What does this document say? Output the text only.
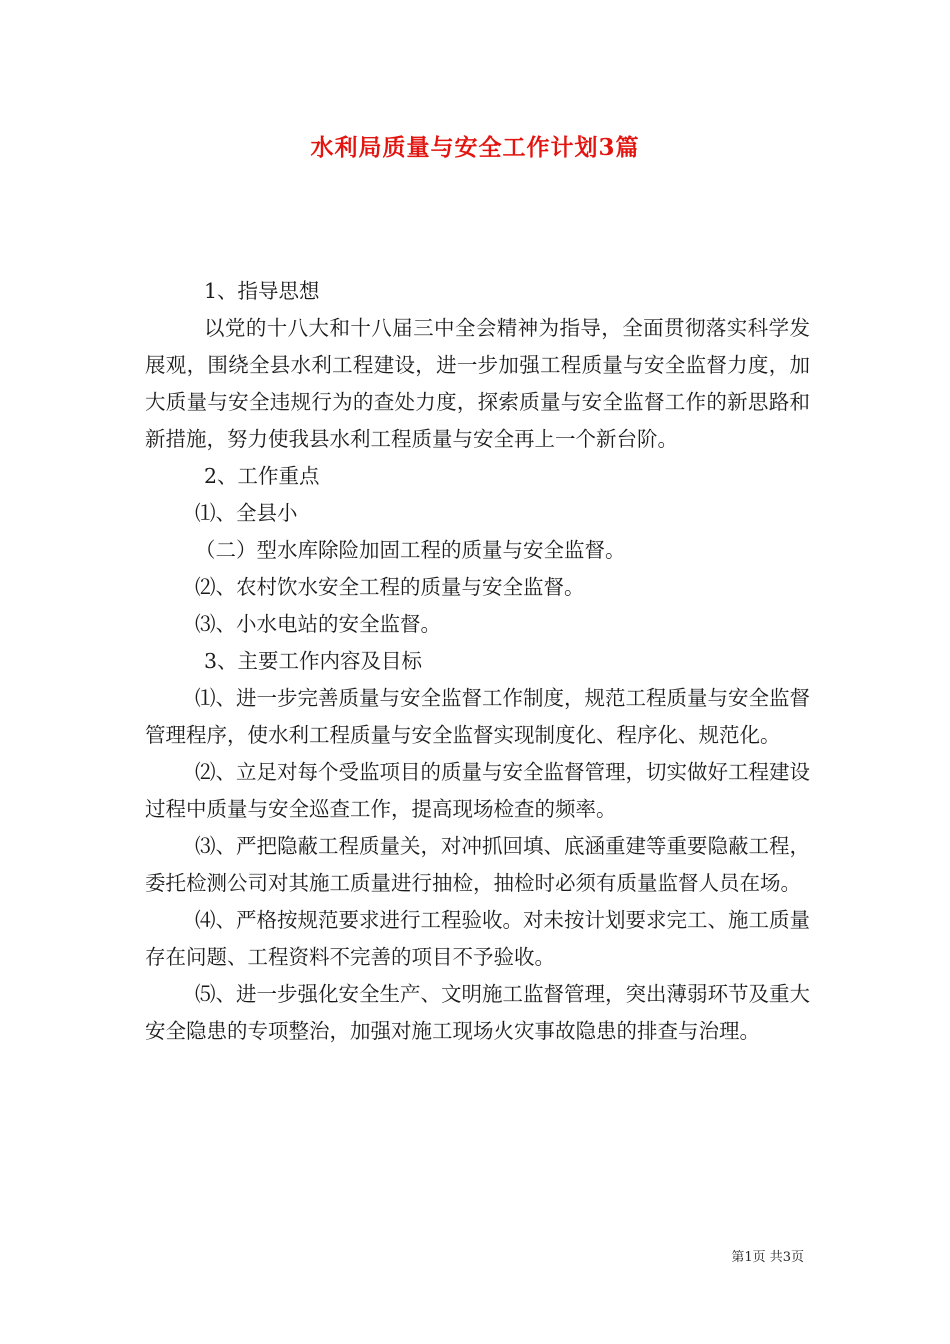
水利局质量与安全工作计划3篇

1、指导思想

以党的十八大和十八届三中全会精神为指导，全面贯彻落实科学发展观，围绕全县水利工程建设，进一步加强工程质量与安全监督力度，加大质量与安全违规行为的查处力度，探索质量与安全监督工作的新思路和新措施，努力使我县水利工程质量与安全再上一个新台阶。

2、工作重点

⑴、全县小

（二）型水库除险加固工程的质量与安全监督。

⑵、农村饮水安全工程的质量与安全监督。

⑶、小水电站的安全监督。

3、主要工作内容及目标

⑴、进一步完善质量与安全监督工作制度，规范工程质量与安全监督管理程序，使水利工程质量与安全监督实现制度化、程序化、规范化。

⑵、立足对每个受监项目的质量与安全监督管理，切实做好工程建设过程中质量与安全巡查工作，提高现场检查的频率。

⑶、严把隐蔽工程质量关，对冲抓回填、底涵重建等重要隐蔽工程，委托检测公司对其施工质量进行抽检，抽检时必须有质量监督人员在场。

⑷、严格按规范要求进行工程验收。对未按计划要求完工、施工质量存在问题、工程资料不完善的项目不予验收。

⑸、进一步强化安全生产、文明施工监督管理，突出薄弱环节及重大安全隐患的专项整治，加强对施工现场火灾事故隐患的排查与治理。

第1页 共3页
